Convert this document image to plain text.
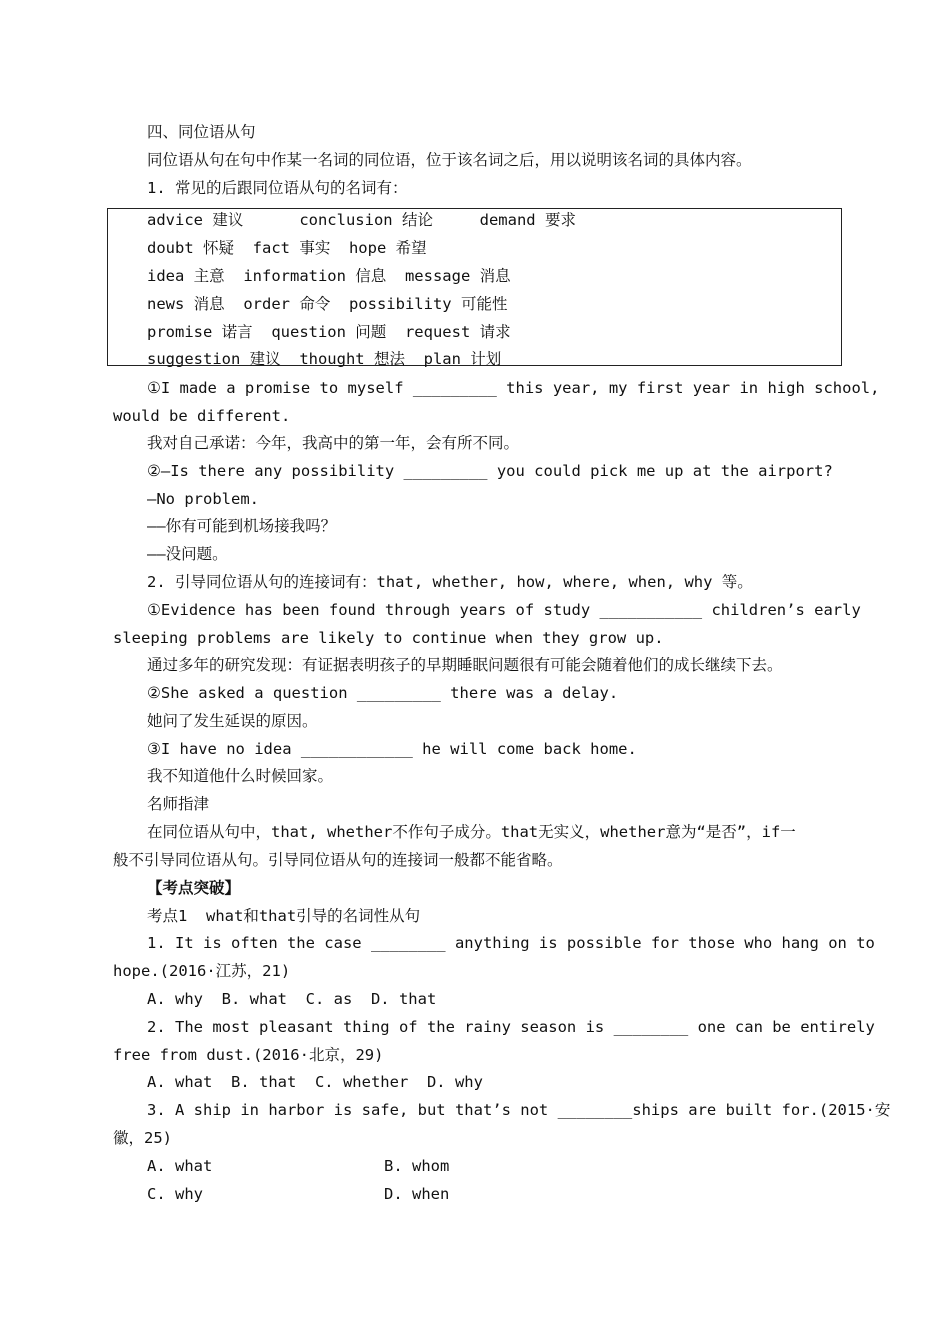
四、同位语从句
同位语从句在句中作某一名词的同位语，位于该名词之后，用以说明该名词的具体内容。
1. 常见的后跟同位语从句的名词有：
advice 建议      conclusion 结论     demand 要求
doubt 怀疑  fact 事实  hope 希望
idea 主意  information 信息  message 消息
news 消息  order 命令  possibility 可能性
promise 诺言  question 问题  request 请求
suggestion 建议  thought 想法  plan 计划
①I made a promise to myself _________ this year, my first year in high school,
would be different.
我对自己承诺：今年，我高中的第一年，会有所不同。
②—Is there any possibility _________ you could pick me up at the airport?
—No problem.
——你有可能到机场接我吗？
——没问题。
2. 引导同位语从句的连接词有：that, whether, how, where, when, why 等。
①Evidence has been found through years of study ___________ children’s early
sleeping problems are likely to continue when they grow up.
通过多年的研究发现：有证据表明孩子的早期睡眠问题很有可能会随着他们的成长继续下去。
②She asked a question _________ there was a delay.
她问了发生延误的原因。
③I have no idea ____________ he will come back home.
我不知道他什么时候回家。
名师指津
在同位语从句中，that, whether不作句子成分。that无实义，whether意为“是否”，if一
般不引导同位语从句。引导同位语从句的连接词一般都不能省略。
【考点突破】
考点1  what和that引导的名词性从句
1. It is often the case ________ anything is possible for those who hang on to
hope.(2016·江苏，21)
A. why  B. what  C. as  D. that
2. The most pleasant thing of the rainy season is ________ one can be entirely
free from dust.(2016·北京，29)
A. what  B. that  C. whether  D. why
3. A ship in harbor is safe, but that’s not ________ships are built for.(2015·安
徽，25)
A. what	B. whom
C. why	D. when
